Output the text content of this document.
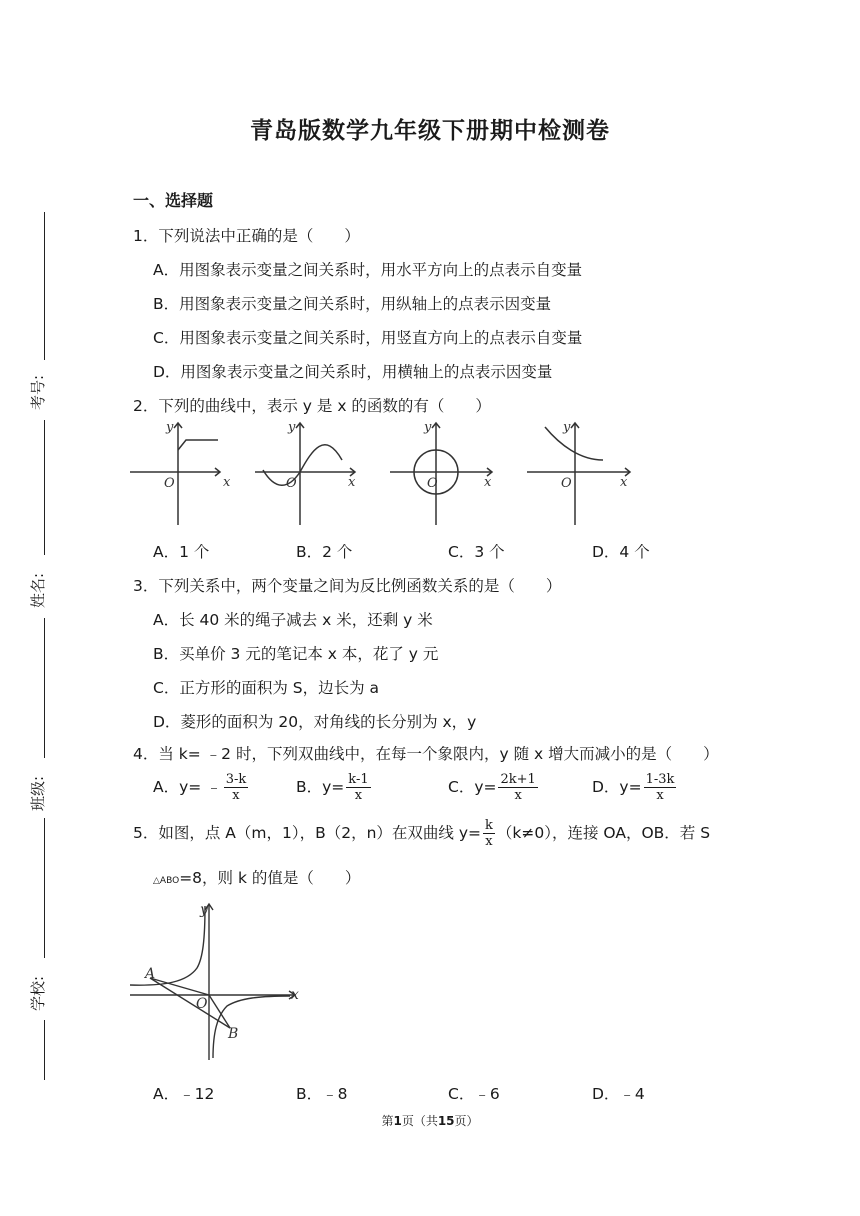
考号:
姓名:
班级:
学校:
青岛版数学九年级下册期中检测卷
一、选择题
1．下列说法中正确的是（　　）
A．用图象表示变量之间关系时，用水平方向上的点表示自变量
B．用图象表示变量之间关系时，用纵轴上的点表示因变量
C．用图象表示变量之间关系时，用竖直方向上的点表示自变量
D．用图象表示变量之间关系时，用横轴上的点表示因变量
2．下列的曲线中，表示 y 是 x 的函数的有（　　）
y
x
O
y
x
O
y
x
O
y
x
O
A．1 个	B．2 个	C．3 个	D．4 个
3．下列关系中，两个变量之间为反比例函数关系的是（　　）
A．长 40 米的绳子减去 x 米，还剩 y 米
B．买单价 3 元的笔记本 x 本，花了 y 元
C．正方形的面积为 S，边长为 a
D．菱形的面积为 20，对角线的长分别为 x，y
4．当 k= ﹣2 时，下列双曲线中，在每一个象限内，y 随 x 增大而减小的是（　　）
A．y= ﹣ $\frac{3-k}{x}$	B．$y= \frac{k-1}{x}$	C．$y= \frac{2k+1}{x}$	D．$y= \frac{1-3k}{x}$
5．如图，点 A（m，1），B（2，n）在双曲线 $y= \frac{k}{x} (k\ne 0)$，连接 OA，OB．若 S
△ABO=8，则 k 的值是（　　）
y
x
O
A
B
A．﹣12	B．﹣8	C．﹣6	D．﹣4
第1页（共15页）
